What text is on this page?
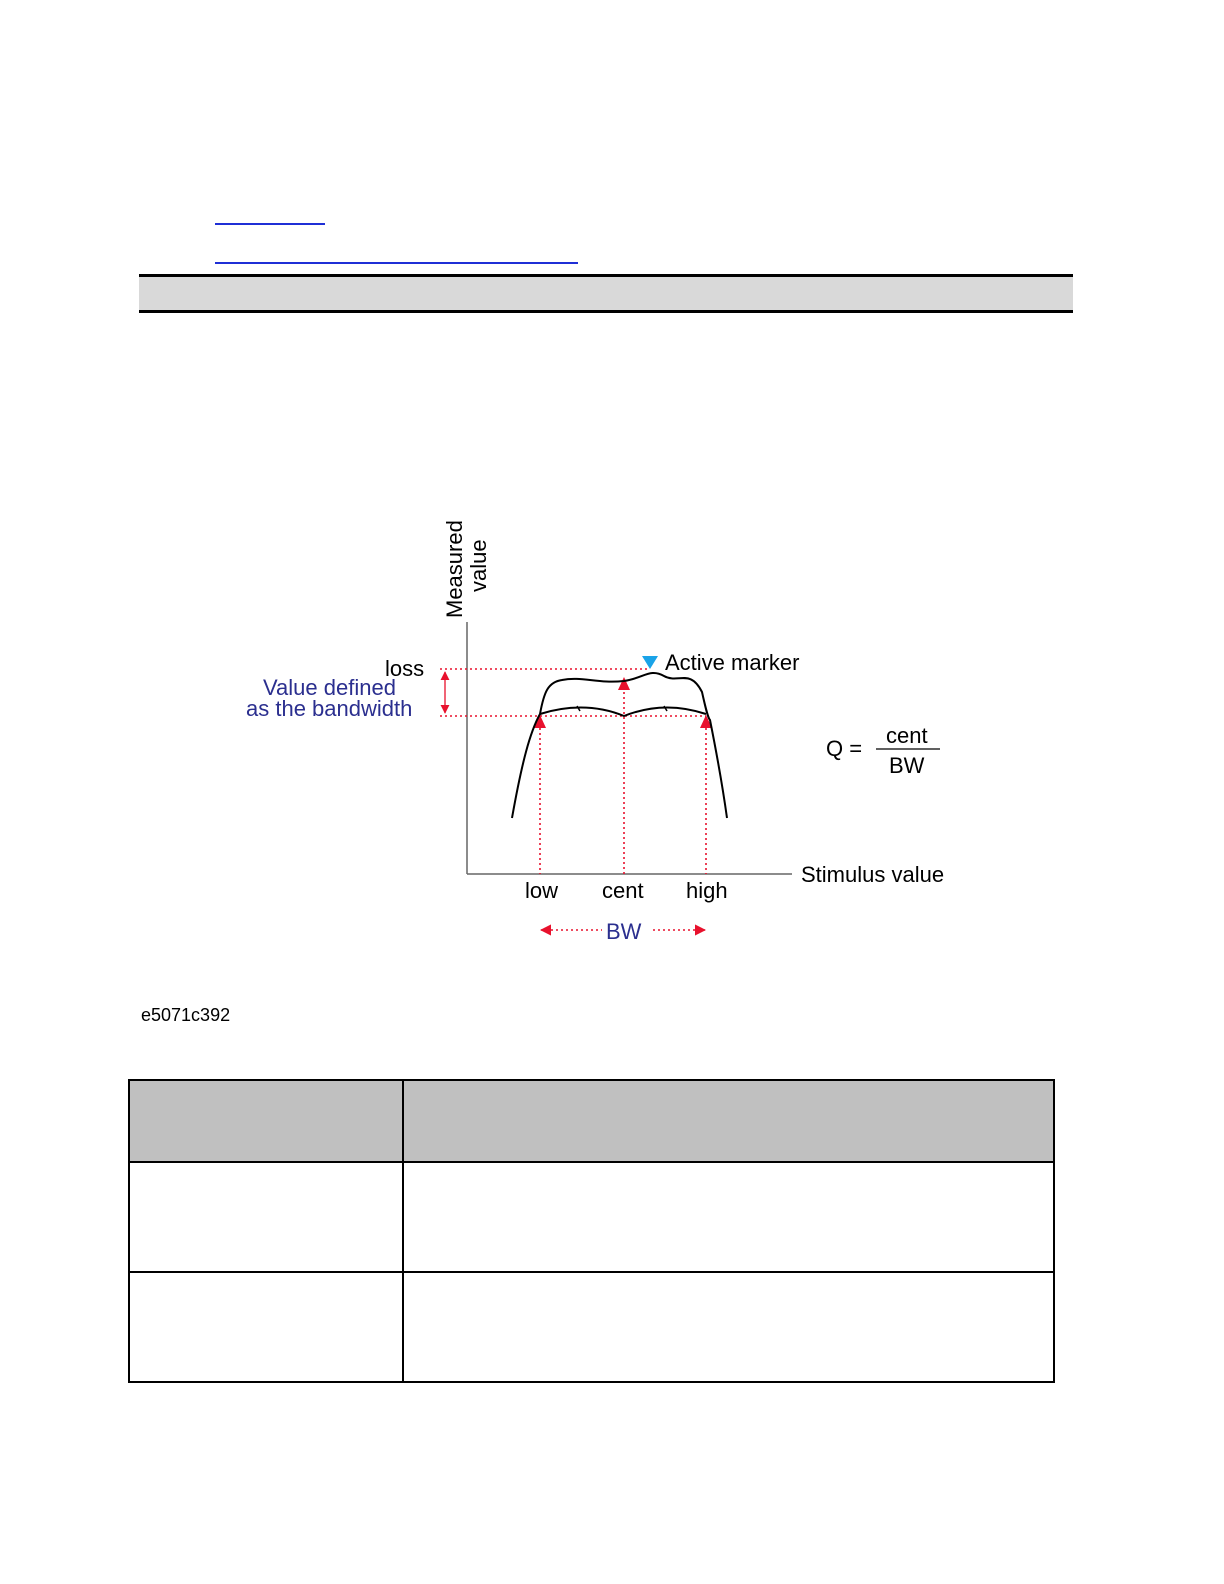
Measured value
Stimulus value
Active marker
loss
Value defined
as the bandwidth
low cent high
BW
Q =
cent
BW
e5071c392
